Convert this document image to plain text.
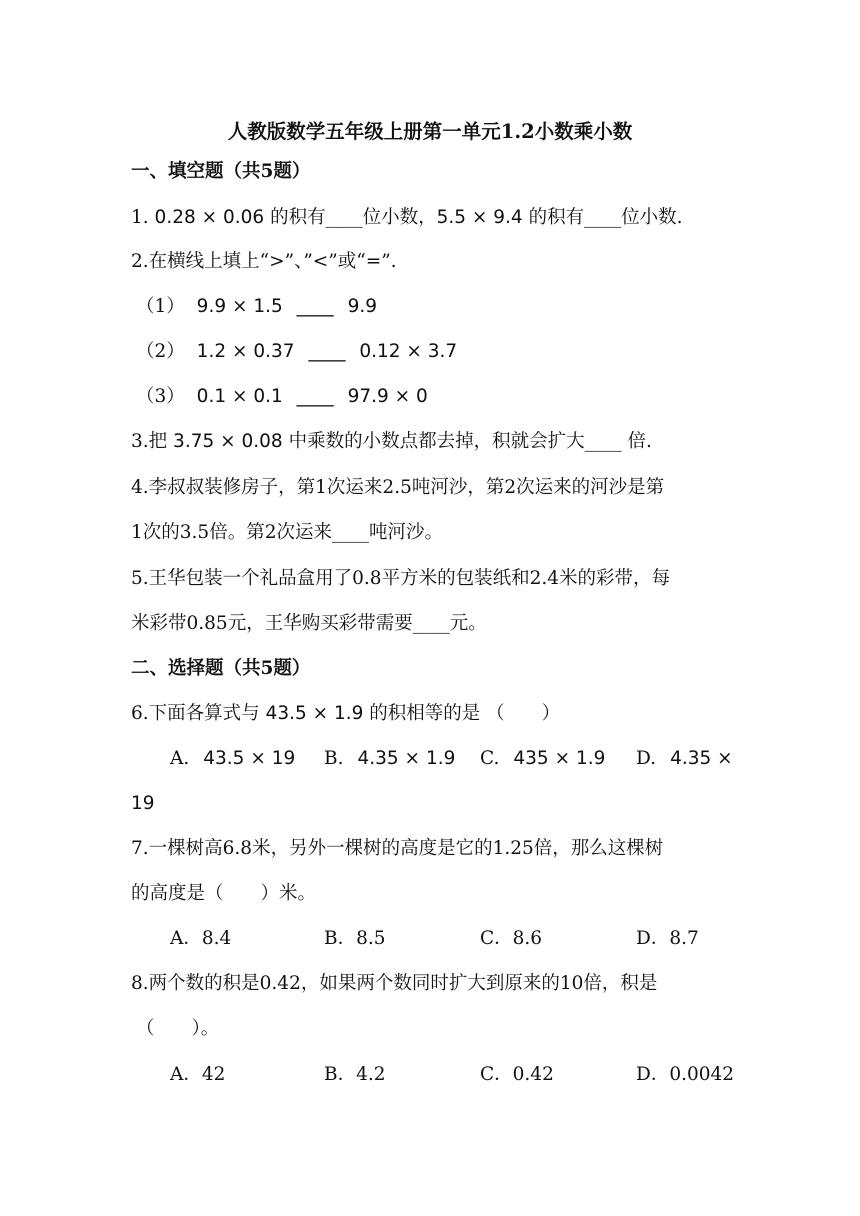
人教版数学五年级上册第一单元1.2小数乘小数
一、填空题（共5题）
1. 0.28 × 0.06 的积有____位小数，5.5 × 9.4 的积有____位小数.
2.在横线上填上“>”、”<”或“=”.
（1） 9.9 × 1.5 ____ 9.9
（2） 1.2 × 0.37 ____ 0.12 × 3.7
（3） 0.1 × 0.1 ____ 97.9 × 0
3.把 3.75 × 0.08 中乘数的小数点都去掉，积就会扩大____ 倍.
4.李叔叔装修房子，第1次运来2.5吨河沙，第2次运来的河沙是第
1次的3.5倍。第2次运来____吨河沙。
5.王华包装一个礼品盒用了0.8平方米的包装纸和2.4米的彩带，每
米彩带0.85元，王华购买彩带需要____元。
二、选择题（共5题）
6.下面各算式与 43.5 × 1.9 的积相等的是 （　　）
A. 43.5 × 19 B. 4.35 × 1.9 C. 435 × 1.9 D. 4.35 ×
19
7.一棵树高6.8米，另外一棵树的高度是它的1.25倍，那么这棵树
的高度是（　　）米。
A．8.4	B．8.5	C．8.6	D．8.7
8.两个数的积是0.42，如果两个数同时扩大到原来的10倍，积是
（　　）。
A．42	B．4.2	C．0.42	D．0.0042
